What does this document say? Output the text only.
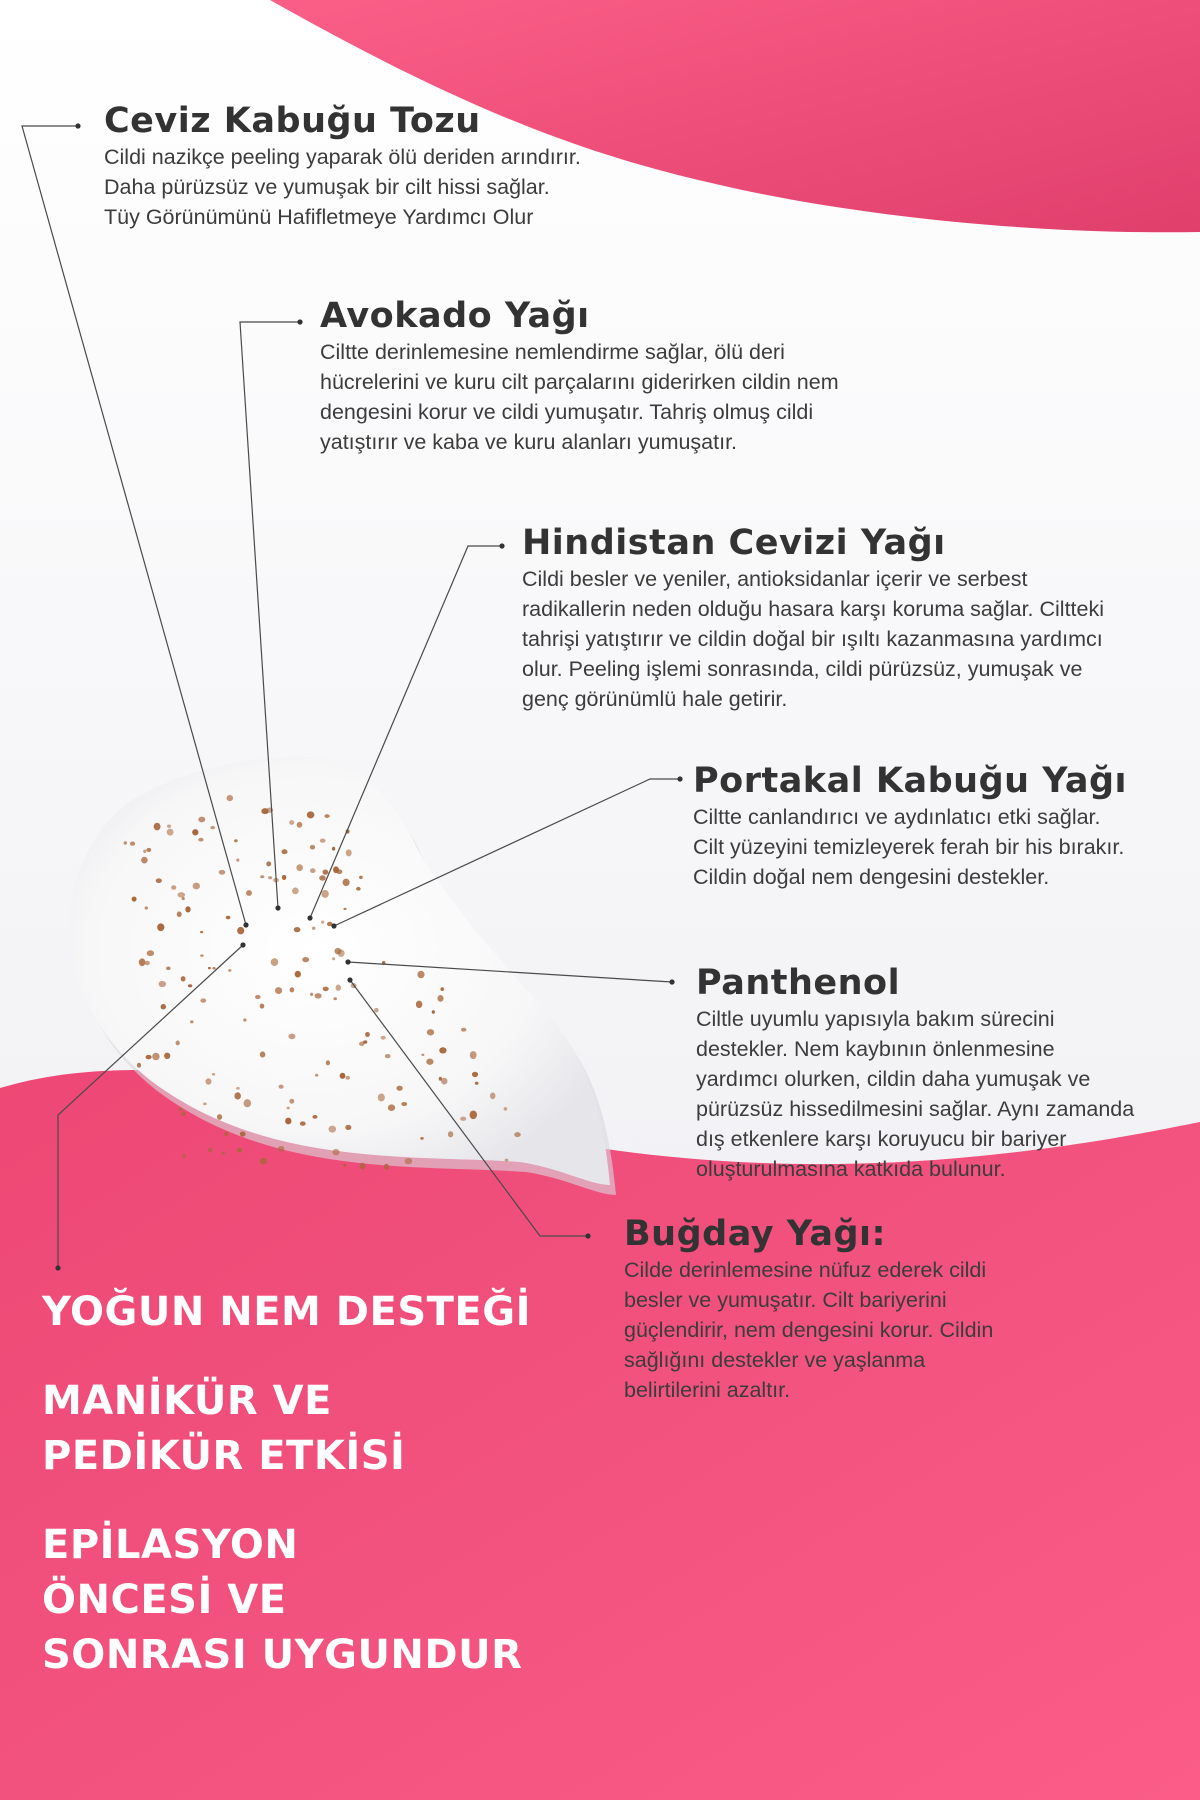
Ceviz Kabuğu Tozu
Cildi nazikçe peeling yaparak ölü deriden arındırır.
Daha pürüzsüz ve yumuşak bir cilt hissi sağlar.
Tüy Görünümünü Hafifletmeye Yardımcı Olur
Avokado Yağı
Ciltte derinlemesine nemlendirme sağlar, ölü deri
hücrelerini ve kuru cilt parçalarını giderirken cildin nem
dengesini korur ve cildi yumuşatır. Tahriş olmuş cildi
yatıştırır ve kaba ve kuru alanları yumuşatır.
Hindistan Cevizi Yağı
Cildi besler ve yeniler, antioksidanlar içerir ve serbest
radikallerin neden olduğu hasara karşı koruma sağlar. Ciltteki
tahrişi yatıştırır ve cildin doğal bir ışıltı kazanmasına yardımcı
olur. Peeling işlemi sonrasında, cildi pürüzsüz, yumuşak ve
genç görünümlü hale getirir.
Portakal Kabuğu Yağı
Ciltte canlandırıcı ve aydınlatıcı etki sağlar.
Cilt yüzeyini temizleyerek ferah bir his bırakır.
Cildin doğal nem dengesini destekler.
Panthenol
Ciltle uyumlu yapısıyla bakım sürecini
destekler. Nem kaybının önlenmesine
yardımcı olurken, cildin daha yumuşak ve
pürüzsüz hissedilmesini sağlar. Aynı zamanda
dış etkenlere karşı koruyucu bir bariyer
oluşturulmasına katkıda bulunur.
Buğday Yağı:
Cilde derinlemesine nüfuz ederek cildi
besler ve yumuşatır. Cilt bariyerini
güçlendirir, nem dengesini korur. Cildin
sağlığını destekler ve yaşlanma
belirtilerini azaltır.
YOĞUN NEM DESTEĞİ
MANİKÜR VE
PEDİKÜR ETKİSİ
EPİLASYON
ÖNCESİ VE
SONRASI UYGUNDUR
